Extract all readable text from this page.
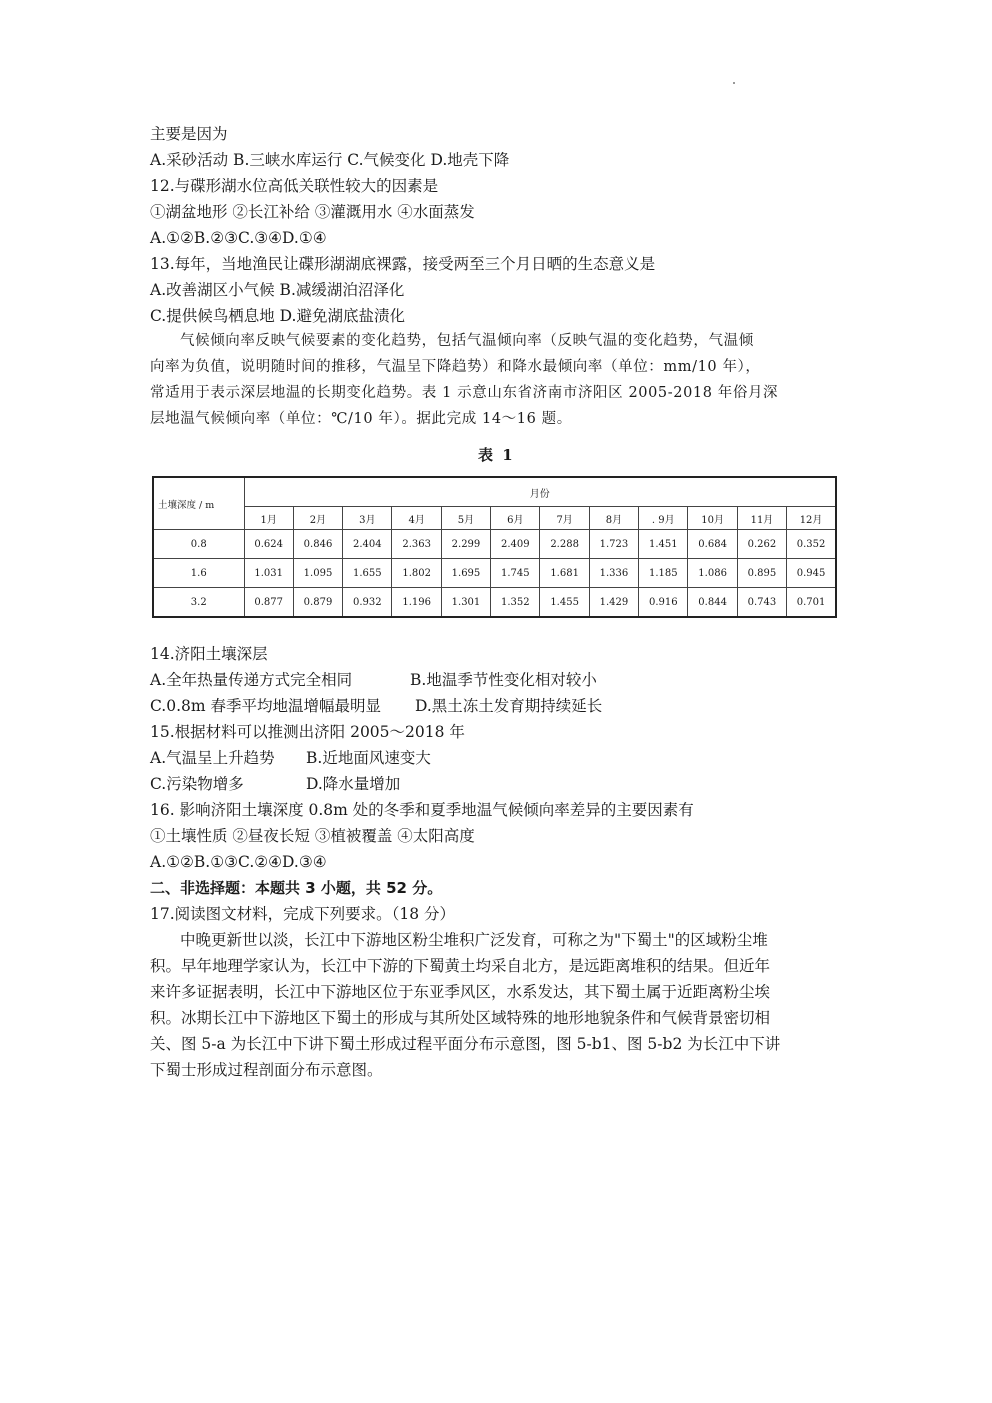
主要是因为
A.采砂活动 B.三峡水库运行 C.气候变化 D.地壳下降
12.与碟形湖水位高低关联性较大的因素是
①湖盆地形 ②长江补给 ③灌溉用水 ④水面蒸发
A.①②B.②③C.③④D.①④
13.每年，当地渔民让碟形湖湖底裸露，接受两至三个月日晒的生态意义是
A.改善湖区小气候 B.减缓湖泊沼泽化
C.提供候鸟栖息地 D.避免湖底盐渍化
气候倾向率反映气候要素的变化趋势，包括气温倾向率（反映气温的变化趋势，气温倾
向率为负值，说明随时间的推移，气温呈下降趋势）和降水最倾向率（单位：mm/10 年），
常适用于表示深层地温的长期变化趋势。表 1 示意山东省济南市济阳区 2005-2018 年俗月深
层地温气候倾向率（单位：℃/10 年）。据此完成 14～16 题。
表 1
土壤深度 / m	月份											
	1月	2月	3月	4月	5月	6月	7月	8月	. 9月	10月	11月	12月
0.8	0.624	0.846	2.404	2.363	2.299	2.409	2.288	1.723	1.451	0.684	0.262	0.352
1.6	1.031	1.095	1.655	1.802	1.695	1.745	1.681	1.336	1.185	1.086	0.895	0.945
3.2	0.877	0.879	0.932	1.196	1.301	1.352	1.455	1.429	0.916	0.844	0.743	0.701
14.济阳土壤深层
A.全年热量传递方式完全相同	B.地温季节性变化相对较小
C.0.8m 春季平均地温增幅最明显 D.黑土冻土发育期持续延长
15.根据材料可以推测出济阳 2005～2018 年
A.气温呈上升趋势 B.近地面风速变大
C.污染物增多	D.降水量增加
16. 影响济阳土壤深度 0.8m 处的冬季和夏季地温气候倾向率差异的主要因素有
①土壤性质 ②昼夜长短 ③植被覆盖 ④太阳高度
A.①②B.①③C.②④D.③④
二、非选择题：本题共 3 小题，共 52 分。
17.阅读图文材料，完成下列要求。（18 分）
中晚更新世以淡，长江中下游地区粉尘堆积广泛发育，可称之为"下蜀土"的区域粉尘堆
积。早年地理学家认为，长江中下游的下蜀黄土均采自北方，是远距离堆积的结果。但近年
来许多证据表明，长江中下游地区位于东亚季风区，水系发达，其下蜀土属于近距离粉尘埃
积。冰期长江中下游地区下蜀土的形成与其所处区域特殊的地形地貌条件和气候背景密切相
关、图 5-a 为长江中下讲下蜀土形成过程平面分布示意图，图 5-b1、图 5-b2 为长江中下讲
下蜀士形成过程剖面分布示意图。
